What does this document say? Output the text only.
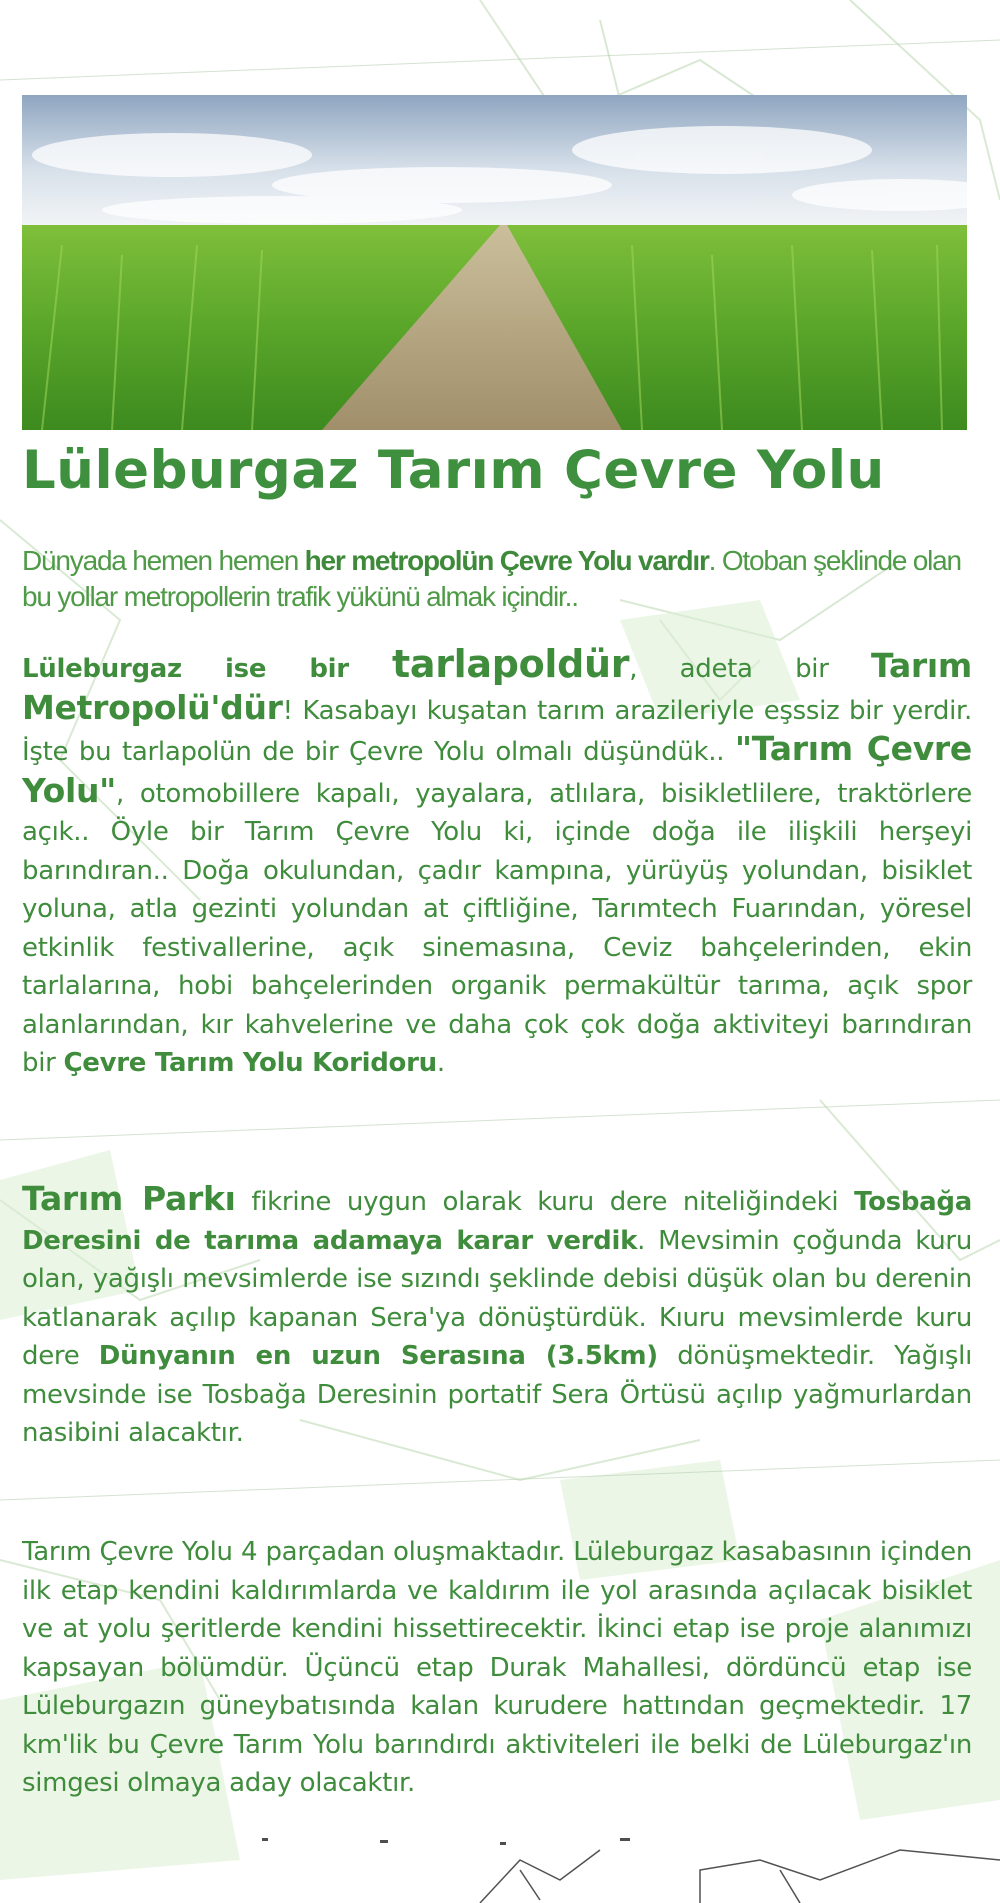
Lüleburgaz Tarım Çevre Yolu
Dünyada hemen hemen her metropolün Çevre Yolu vardır. Otoban şeklinde olan bu yollar metropollerin trafik yükünü almak içindir..
Lüleburgaz ise bir tarlapoldür, adeta bir Tarım Metropolü'dür! Kasabayı kuşatan tarım arazileriyle eşssiz bir yerdir. İşte bu tarlapolün de bir Çevre Yolu olmalı düşündük.. "Tarım Çevre Yolu", otomobillere kapalı, yayalara, atlılara, bisikletlilere, traktörlere açık.. Öyle bir Tarım Çevre Yolu ki, içinde doğa ile ilişkili herşeyi barındıran.. Doğa okulundan, çadır kampına, yürüyüş yolundan, bisiklet yoluna, atla gezinti yolundan at çiftliğine, Tarımtech Fuarından, yöresel etkinlik festivallerine, açık sinemasına, Ceviz bahçelerinden, ekin tarlalarına, hobi bahçelerinden organik permakültür tarıma, açık spor alanlarından, kır kahvelerine ve daha çok çok doğa aktiviteyi barındıran bir Çevre Tarım Yolu Koridoru.
Tarım Parkı fikrine uygun olarak kuru dere niteliğindeki Tosbağa Deresini de tarıma adamaya karar verdik. Mevsimin çoğunda kuru olan, yağışlı mevsimlerde ise sızındı şeklinde debisi düşük olan bu derenin katlanarak açılıp kapanan Sera'ya dönüştürdük. Kıuru mevsimlerde kuru dere Dünyanın en uzun Serasına (3.5km) dönüşmektedir. Yağışlı mevsinde ise Tosbağa Deresinin portatif Sera Örtüsü açılıp yağmurlardan nasibini alacaktır.
Tarım Çevre Yolu 4 parçadan oluşmaktadır. Lüleburgaz kasabasının içinden ilk etap kendini kaldırımlarda ve kaldırım ile yol arasında açılacak bisiklet ve at yolu şeritlerde kendini hissettirecektir. İkinci etap ise proje alanımızı kapsayan bölümdür. Üçüncü etap Durak Mahallesi, dördüncü etap ise Lüleburgazın güneybatısında kalan kurudere hattından geçmektedir. 17 km'lik bu Çevre Tarım Yolu barındırdı aktiviteleri ile belki de Lüleburgaz'ın simgesi olmaya aday olacaktır.
